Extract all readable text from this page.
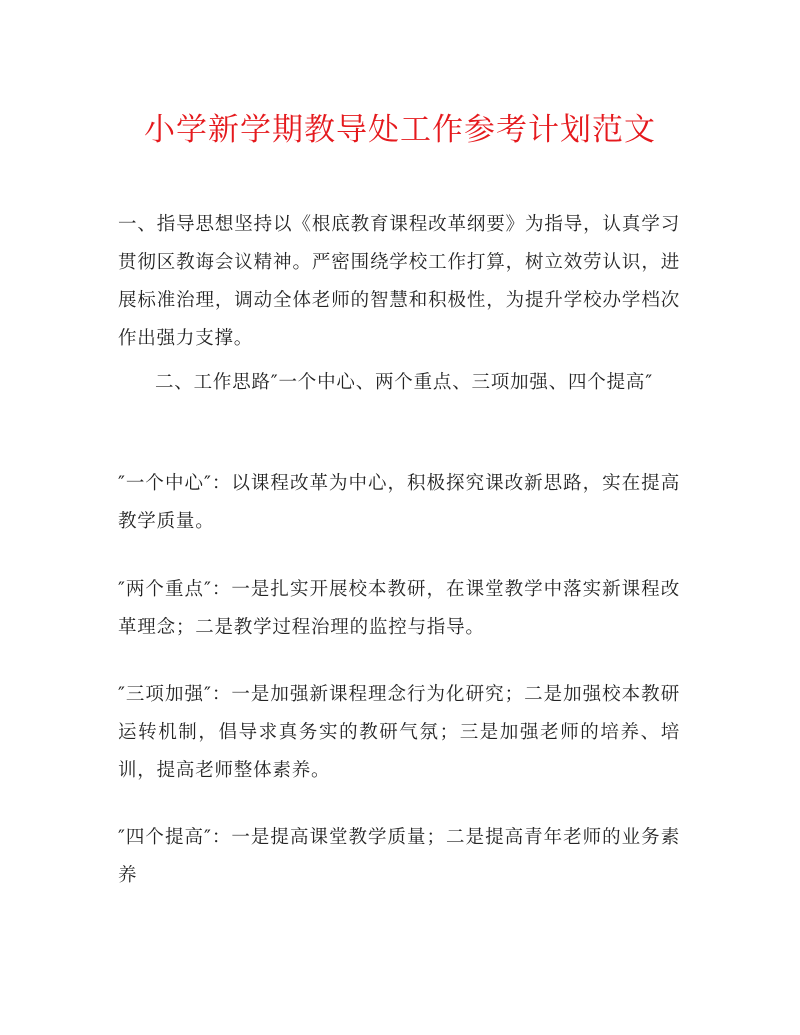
小学新学期教导处工作参考计划范文

一、指导思想坚持以《根底教育课程改革纲要》为指导，认真学习贯彻区教诲会议精神。严密围绕学校工作打算，树立效劳认识，进展标准治理，调动全体老师的智慧和积极性，为提升学校办学档次作出强力支撑。

二、工作思路″一个中心、两个重点、三项加强、四个提高″

″一个中心″：以课程改革为中心，积极探究课改新思路，实在提高教学质量。

″两个重点″：一是扎实开展校本教研，在课堂教学中落实新课程改革理念；二是教学过程治理的监控与指导。

″三项加强″：一是加强新课程理念行为化研究；二是加强校本教研运转机制，倡导求真务实的教研气氛；三是加强老师的培养、培训，提高老师整体素养。

″四个提高″：一是提高课堂教学质量；二是提高青年老师的业务素养
